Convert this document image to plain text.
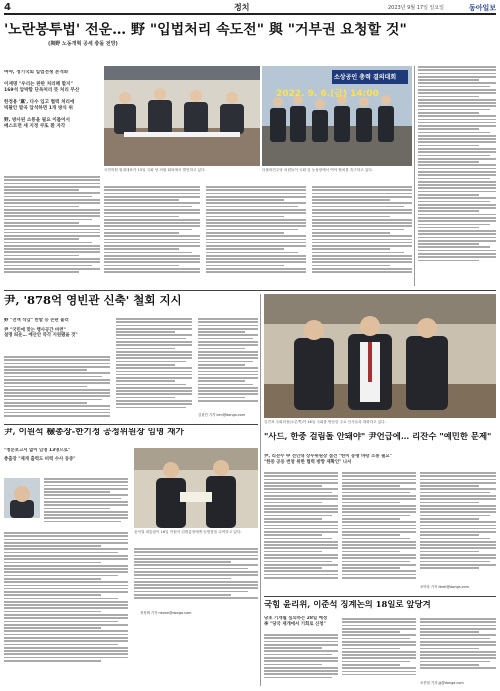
4	정치	2023년 9월 17일 일요일	동아일보
'노란봉투법' 전운… 野 "입법처리 속도전" 與 "거부권 요청할 것"
(與野 노동개혁 공세 충돌 전망)
여야, 정기국회 입법전쟁 본격화
이재명 "우리는 판판 처리해 할지"
169석 압박함 단독처리 뜻 처리 무산
한정용 '黨', 다수 입고 협력 처리에
빅팔안 발곡 압석하면 1개 방식 위
野, 방사된 소통을 필요 이룰어서
베스트면 세 지정 쿠또 환 자각
2022. 9. 6.(금) 14:00
소상공인 총력 결의대회
국민의힘 원내대표가 15일 국회 당 의원 회의에서 발언하고 있다.	더불어민주당 의원들이 국회 앞 농성장에서 여야 협치를 촉구하고 있다.
尹, '878억 영빈관 신축' 철회 지시
野 "전액 삭감" 반발 등 논란 불러
尹 "국민에 맞는 행사공간 마련"
설명 띄운… 예산안 즉각 지원됐을 것"
김광진 기자 kim@donga.com
김진표 국회의장(오른쪽)이 16일 국회를 방문한 주요 인사들과 대화하고 있다.
尹, 이원석 檢총장-한기정 공정위원장 임명 재가
"청문보고서 없이 임명 13명으로"
총출장 "제게 출력도 비력 수사 동중"
윤석열 대통령이 16일 이원석 검찰총장에게 임명장을 수여하고 있다.
정성택 기자 neone@donga.com
"사드, 한중 걸림돌 안돼야" 尹언급에… 리잔수 "예민한 문제"
尹, 리잔수 中 전인대 상무위원장 접견 "한미 동맹 바탕 소통 필요"
"한중 공동 번영 위한 협력 방향 재확인" 나서
조아라 기자 likeit@donga.com
국힘 윤리위, 이준석 징계논의 18일로 앞당겨
당초 기개월 심의하는 28일 예정
李 "당국 재개에서 기회로 신청"
조종엽 기자 jjj@donga.com
